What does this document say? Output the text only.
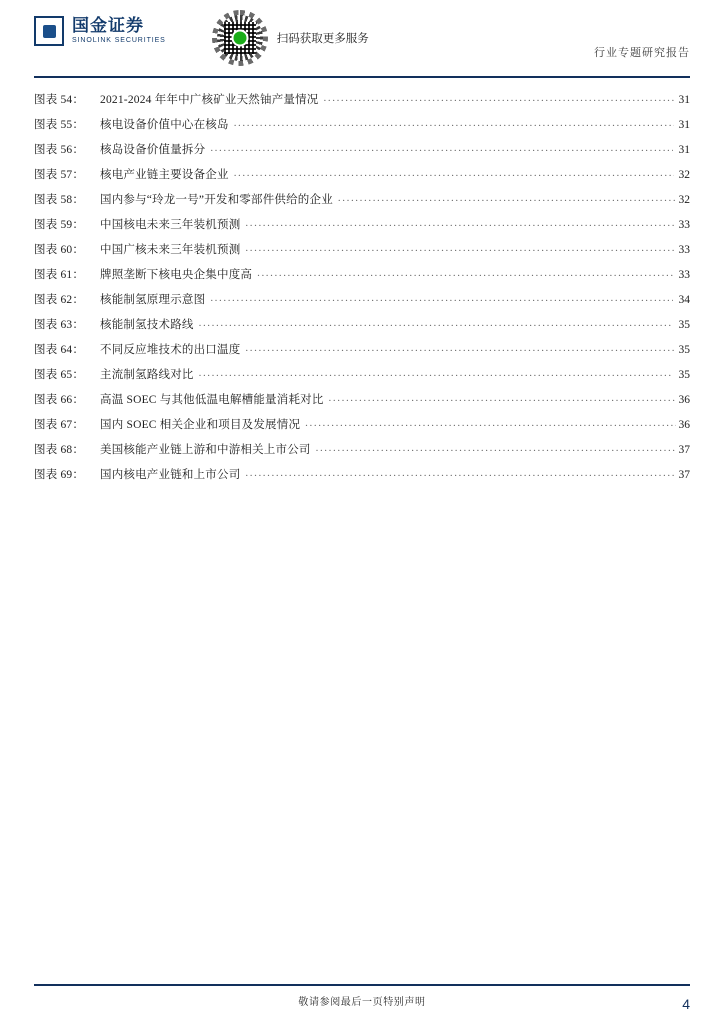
国金证券
SINOLINK SECURITIES	扫码获取更多服务
行业专题研究报告
图表 54：	2021-2024 年年中广核矿业天然铀产量情况 .....	31
图表 55：	核电设备价值中心在核岛 .....	31
图表 56：	核岛设备价值量拆分 .....	31
图表 57：	核电产业链主要设备企业 .....	32
图表 58：	国内参与“玲龙一号”开发和零部件供给的企业 .....	32
图表 59：	中国核电未来三年装机预测 .....	33
图表 60：	中国广核未来三年装机预测 .....	33
图表 61：	牌照垄断下核电央企集中度高 .....	33
图表 62：	核能制氢原理示意图 .....	34
图表 63：	核能制氢技术路线 .....	35
图表 64：	不同反应堆技术的出口温度 .....	35
图表 65：	主流制氢路线对比 .....	35
图表 66：	高温 SOEC 与其他低温电解槽能量消耗对比 .....	36
图表 67：	国内 SOEC 相关企业和项目及发展情况 .....	36
图表 68：	美国核能产业链上游和中游相关上市公司 .....	37
图表 69：	国内核电产业链和上市公司 .....	37
敬请参阅最后一页特别声明	4
